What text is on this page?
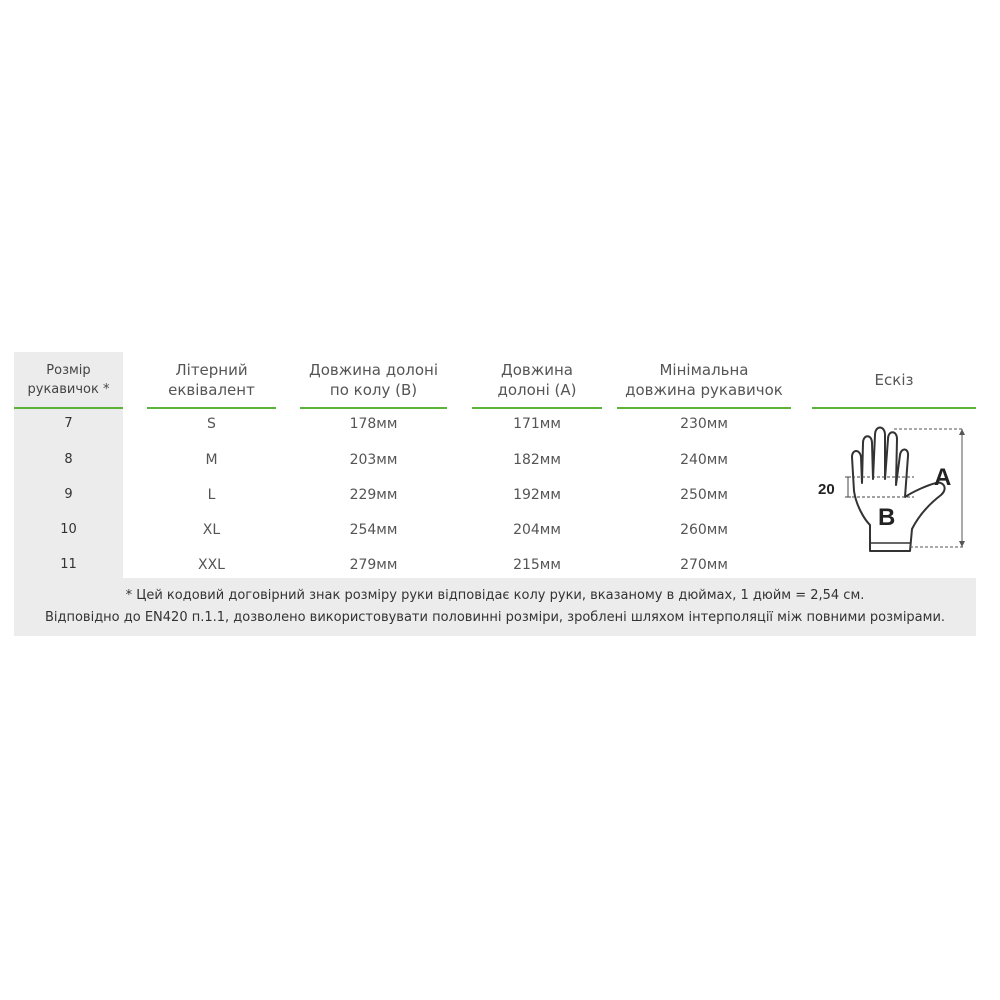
Розмір рукавичок *
7
8
9
10
11
Літерний еквівалент
S
M
L
XL
XXL
Довжина долоні по колу (B)
178мм
203мм
229мм
254мм
279мм
Довжина долоні (A)
171мм
182мм
192мм
204мм
215мм
Мінімальна довжина рукавичок
230мм
240мм
250мм
260мм
270мм
Ескіз
* Цей кодовий договірний знак розміру руки відповідає колу руки, вказаному в дюймах, 1 дюйм = 2,54 см.
Відповідно до EN420 п.1.1, дозволено використовувати половинні розміри, зроблені шляхом інтерполяції між повними розмірами.
20	A
B
